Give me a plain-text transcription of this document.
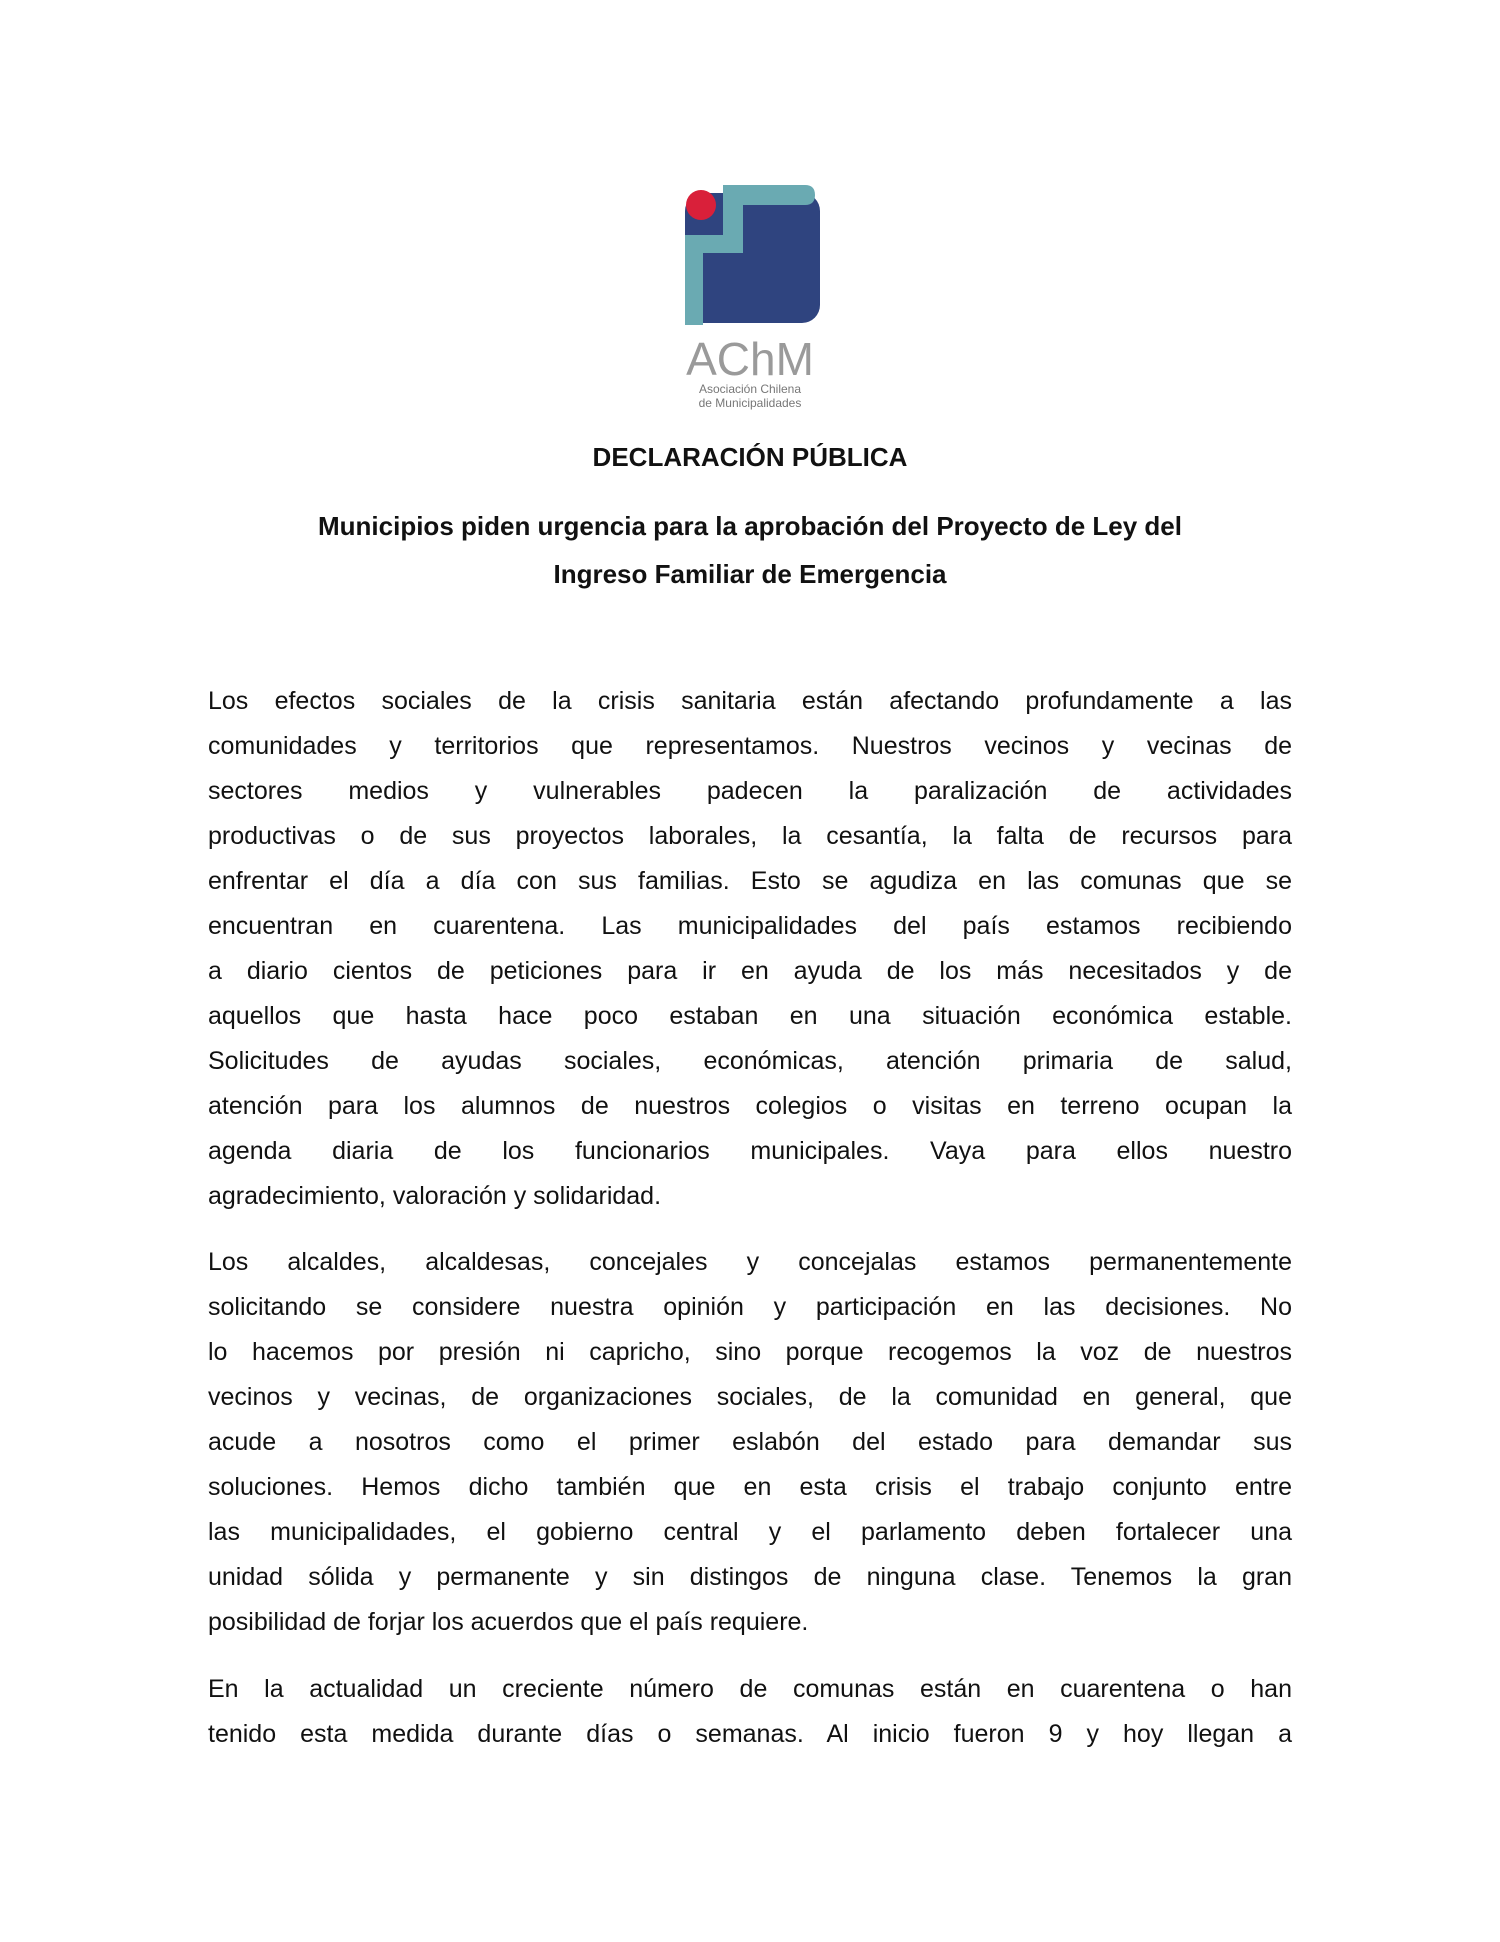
AChM
Asociación Chilena
de Municipalidades
DECLARACIÓN PÚBLICA
Municipios piden urgencia para la aprobación del Proyecto de Ley del
Ingreso Familiar de Emergencia
Los efectos sociales de la crisis sanitaria están afectando profundamente a las
comunidades y territorios que representamos. Nuestros vecinos y vecinas de
sectores medios y vulnerables padecen la paralización de actividades
productivas o de sus proyectos laborales, la cesantía, la falta de recursos para
enfrentar el día a día con sus familias. Esto se agudiza en las comunas que se
encuentran en cuarentena. Las municipalidades del país estamos recibiendo
a diario cientos de peticiones para ir en ayuda de los más necesitados y de
aquellos que hasta hace poco estaban en una situación económica estable.
Solicitudes de ayudas sociales, económicas, atención primaria de salud,
atención para los alumnos de nuestros colegios o visitas en terreno ocupan la
agenda diaria de los funcionarios municipales. Vaya para ellos nuestro
agradecimiento, valoración y solidaridad.
Los alcaldes, alcaldesas, concejales y concejalas estamos permanentemente
solicitando se considere nuestra opinión y participación en las decisiones. No
lo hacemos por presión ni capricho, sino porque recogemos la voz de nuestros
vecinos y vecinas, de organizaciones sociales, de la comunidad en general, que
acude a nosotros como el primer eslabón del estado para demandar sus
soluciones. Hemos dicho también que en esta crisis el trabajo conjunto entre
las municipalidades, el gobierno central y el parlamento deben fortalecer una
unidad sólida y permanente y sin distingos de ninguna clase. Tenemos la gran
posibilidad de forjar los acuerdos que el país requiere.
En la actualidad un creciente número de comunas están en cuarentena o han
tenido esta medida durante días o semanas. Al inicio fueron 9 y hoy llegan a
